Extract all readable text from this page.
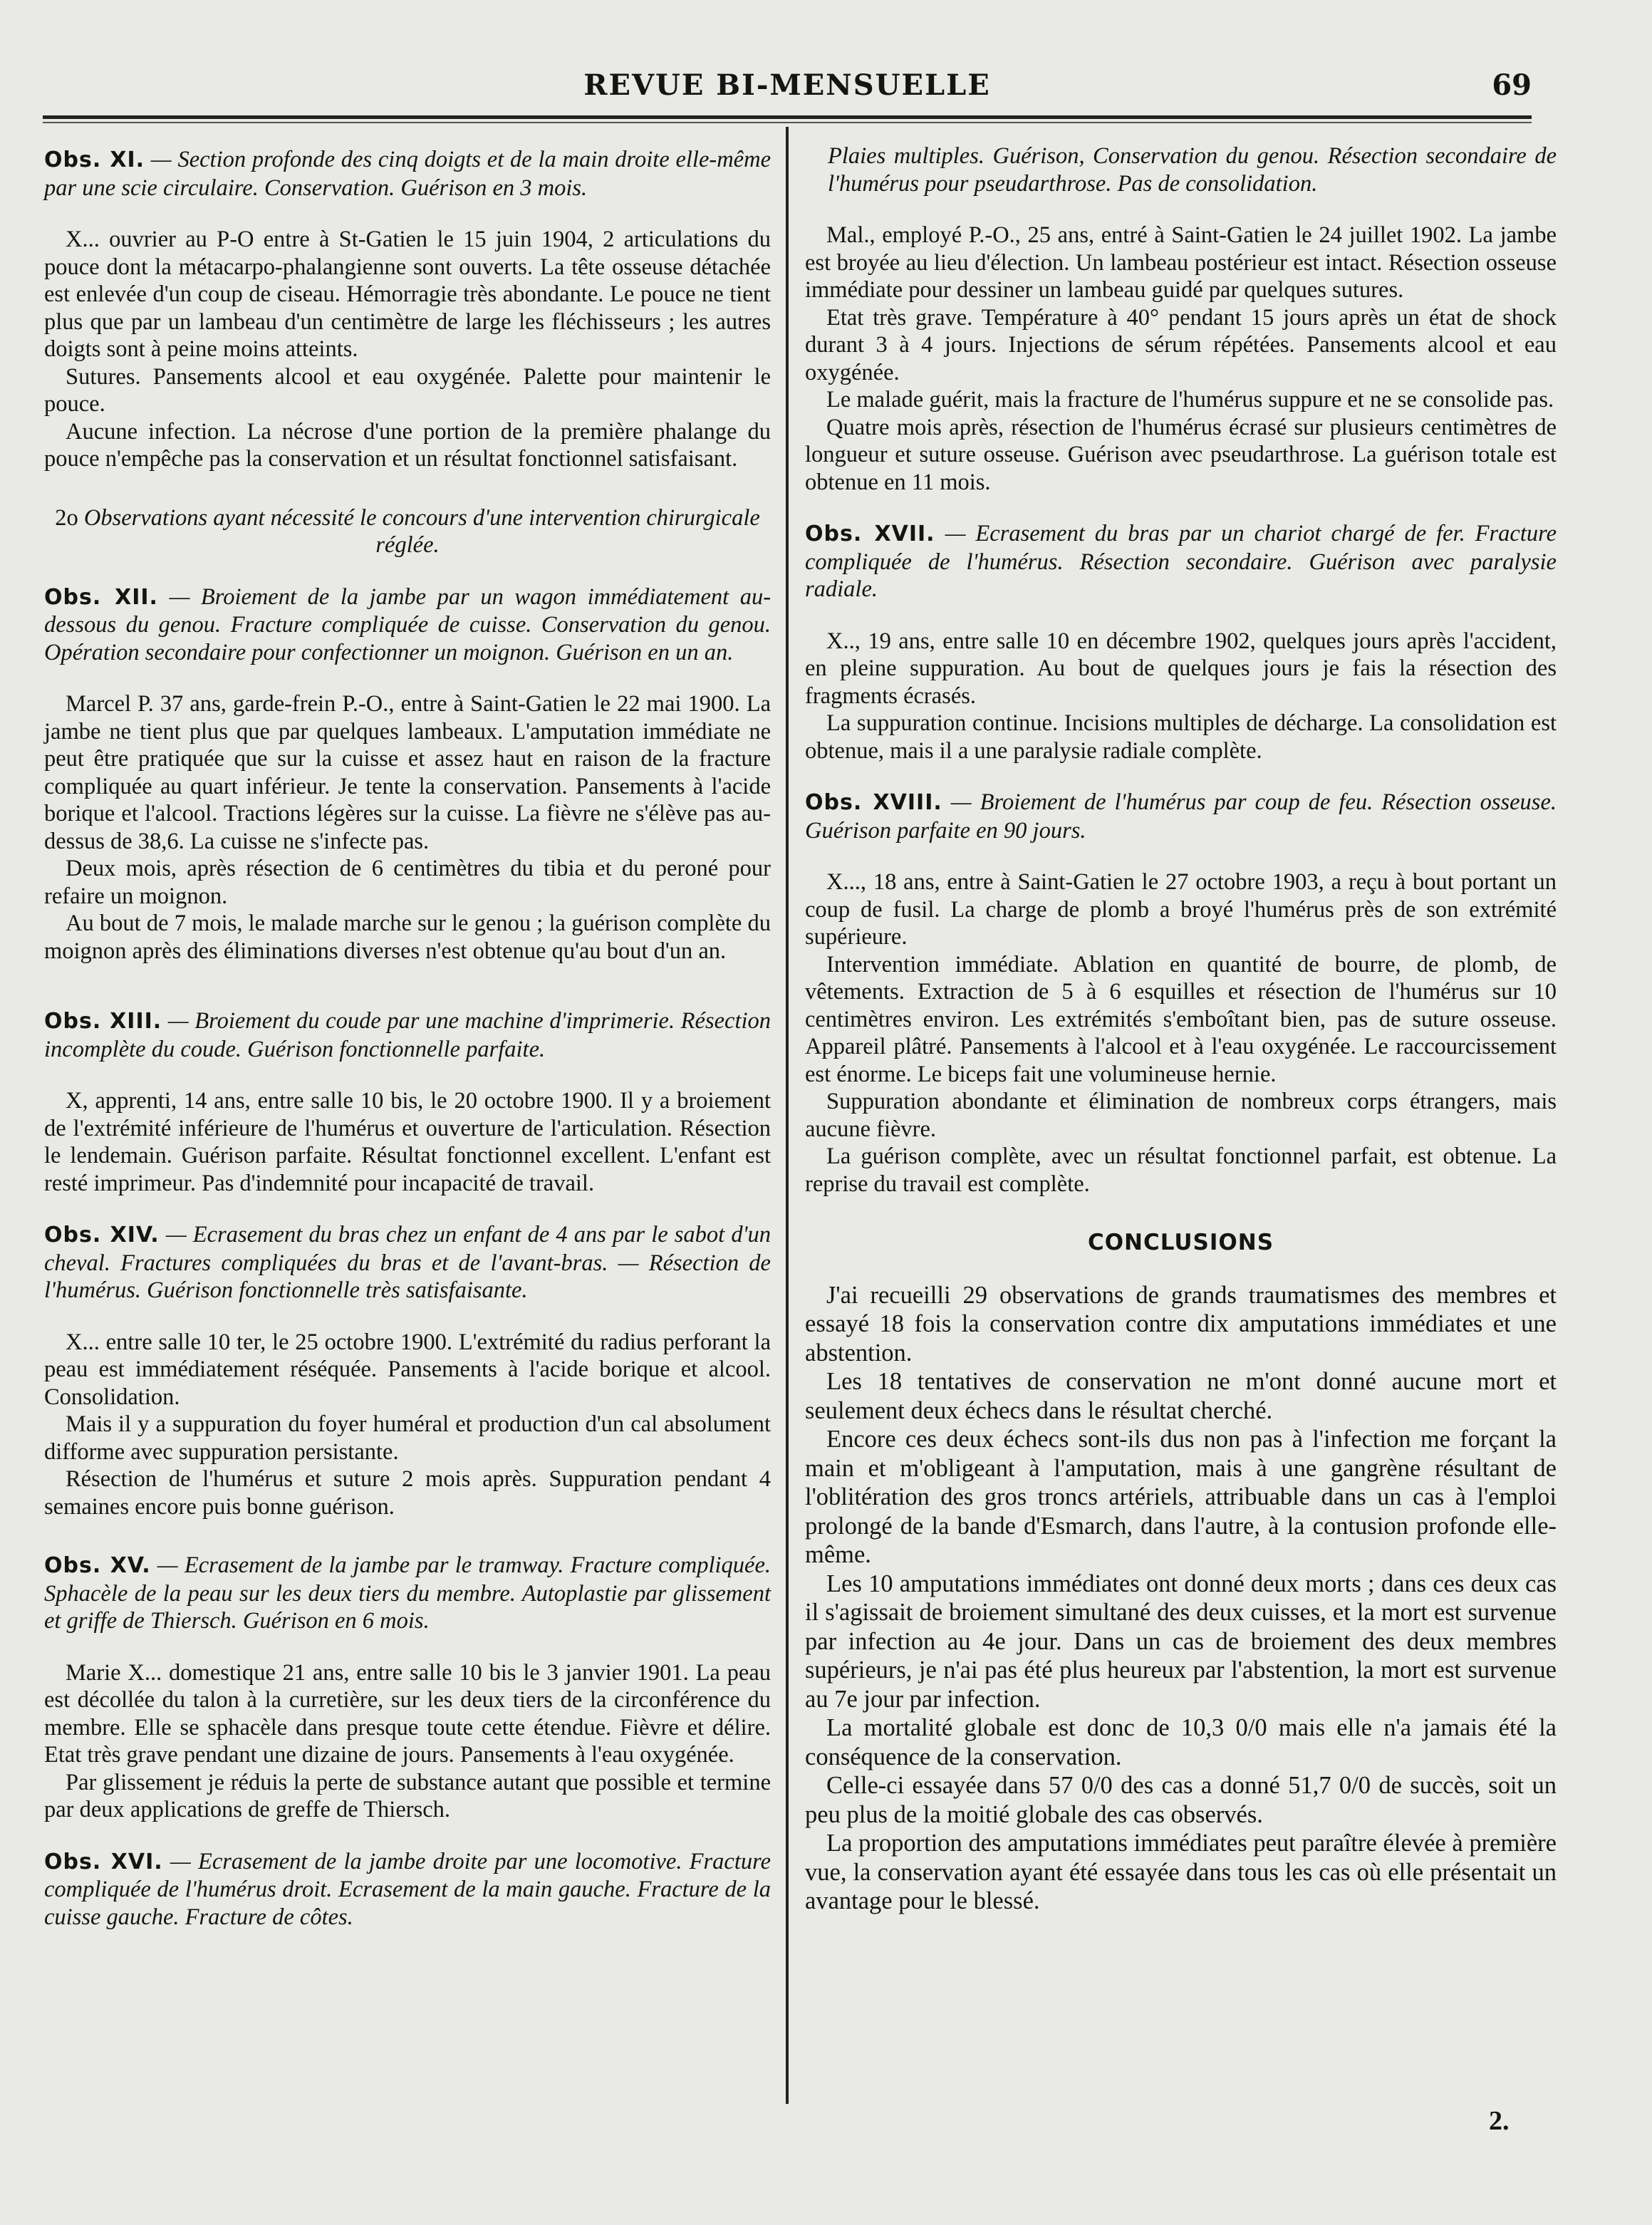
REVUE BI-MENSUELLE	69

Obs. XI. — Section profonde des cinq doigts et de la main droite elle-même par une scie circulaire. Conservation. Guérison en 3 mois.

X... ouvrier au P-O entre à St-Gatien le 15 juin 1904, 2 articulations du pouce dont la métacarpo-phalangienne sont ouverts. La tête osseuse détachée est enlevée d'un coup de ciseau. Hémorragie très abondante. Le pouce ne tient plus que par un lambeau d'un centimètre de large les fléchisseurs ; les autres doigts sont à peine moins atteints.

Sutures. Pansements alcool et eau oxygénée. Palette pour maintenir le pouce.

Aucune infection. La nécrose d'une portion de la première phalange du pouce n'empêche pas la conservation et un résultat fonctionnel satisfaisant.

2o Observations ayant nécessité le concours d'une intervention chirurgicale réglée.

Obs. XII. — Broiement de la jambe par un wagon immédiatement au-dessous du genou. Fracture compliquée de cuisse. Conservation du genou. Opération secondaire pour confectionner un moignon. Guérison en un an.

Marcel P. 37 ans, garde-frein P.-O., entre à Saint-Gatien le 22 mai 1900. La jambe ne tient plus que par quelques lambeaux. L'amputation immédiate ne peut être pratiquée que sur la cuisse et assez haut en raison de la fracture compliquée au quart inférieur. Je tente la conservation. Pansements à l'acide borique et l'alcool. Tractions légères sur la cuisse. La fièvre ne s'élève pas au-dessus de 38,6. La cuisse ne s'infecte pas.

Deux mois, après résection de 6 centimètres du tibia et du peroné pour refaire un moignon.

Au bout de 7 mois, le malade marche sur le genou ; la guérison complète du moignon après des éliminations diverses n'est obtenue qu'au bout d'un an.

Obs. XIII. — Broiement du coude par une machine d'imprimerie. Résection incomplète du coude. Guérison fonctionnelle parfaite.

X, apprenti, 14 ans, entre salle 10 bis, le 20 octobre 1900. Il y a broiement de l'extrémité inférieure de l'humérus et ouverture de l'articulation. Résection le lendemain. Guérison parfaite. Résultat fonctionnel excellent. L'enfant est resté imprimeur. Pas d'indemnité pour incapacité de travail.

Obs. XIV. — Ecrasement du bras chez un enfant de 4 ans par le sabot d'un cheval. Fractures compliquées du bras et de l'avant-bras. — Résection de l'humérus. Guérison fonctionnelle très satisfaisante.

X... entre salle 10 ter, le 25 octobre 1900. L'extrémité du radius perforant la peau est immédiatement réséquée. Pansements à l'acide borique et alcool. Consolidation.

Mais il y a suppuration du foyer huméral et production d'un cal absolument difforme avec suppuration persistante.

Résection de l'humérus et suture 2 mois après. Suppuration pendant 4 semaines encore puis bonne guérison.

Obs. XV. — Ecrasement de la jambe par le tramway. Fracture compliquée. Sphacèle de la peau sur les deux tiers du membre. Autoplastie par glissement et griffe de Thiersch. Guérison en 6 mois.

Marie X... domestique 21 ans, entre salle 10 bis le 3 janvier 1901. La peau est décollée du talon à la curretière, sur les deux tiers de la circonférence du membre. Elle se sphacèle dans presque toute cette étendue. Fièvre et délire. Etat très grave pendant une dizaine de jours. Pansements à l'eau oxygénée.

Par glissement je réduis la perte de substance autant que possible et termine par deux applications de greffe de Thiersch.

Obs. XVI. — Ecrasement de la jambe droite par une locomotive. Fracture compliquée de l'humérus droit. Ecrasement de la main gauche. Fracture de la cuisse gauche. Fracture de côtes.

Plaies multiples. Guérison, Conservation du genou. Résection secondaire de l'humérus pour pseudarthrose. Pas de consolidation.

Mal., employé P.-O., 25 ans, entré à Saint-Gatien le 24 juillet 1902. La jambe est broyée au lieu d'élection. Un lambeau postérieur est intact. Résection osseuse immédiate pour dessiner un lambeau guidé par quelques sutures.

Etat très grave. Température à 40° pendant 15 jours après un état de shock durant 3 à 4 jours. Injections de sérum répétées. Pansements alcool et eau oxygénée.

Le malade guérit, mais la fracture de l'humérus suppure et ne se consolide pas.

Quatre mois après, résection de l'humérus écrasé sur plusieurs centimètres de longueur et suture osseuse. Guérison avec pseudarthrose. La guérison totale est obtenue en 11 mois.

Obs. XVII. — Ecrasement du bras par un chariot chargé de fer. Fracture compliquée de l'humérus. Résection secondaire. Guérison avec paralysie radiale.

X.., 19 ans, entre salle 10 en décembre 1902, quelques jours après l'accident, en pleine suppuration. Au bout de quelques jours je fais la résection des fragments écrasés.

La suppuration continue. Incisions multiples de décharge. La consolidation est obtenue, mais il a une paralysie radiale complète.

Obs. XVIII. — Broiement de l'humérus par coup de feu. Résection osseuse. Guérison parfaite en 90 jours.

X..., 18 ans, entre à Saint-Gatien le 27 octobre 1903, a reçu à bout portant un coup de fusil. La charge de plomb a broyé l'humérus près de son extrémité supérieure.

Intervention immédiate. Ablation en quantité de bourre, de plomb, de vêtements. Extraction de 5 à 6 esquilles et résection de l'humérus sur 10 centimètres environ. Les extrémités s'emboîtant bien, pas de suture osseuse. Appareil plâtré. Pansements à l'alcool et à l'eau oxygénée. Le raccourcissement est énorme. Le biceps fait une volumineuse hernie.

Suppuration abondante et élimination de nombreux corps étrangers, mais aucune fièvre.

La guérison complète, avec un résultat fonctionnel parfait, est obtenue. La reprise du travail est complète.

CONCLUSIONS

J'ai recueilli 29 observations de grands traumatismes des membres et essayé 18 fois la conservation contre dix amputations immédiates et une abstention.

Les 18 tentatives de conservation ne m'ont donné aucune mort et seulement deux échecs dans le résultat cherché.

Encore ces deux échecs sont-ils dus non pas à l'infection me forçant la main et m'obligeant à l'amputation, mais à une gangrène résultant de l'oblitération des gros troncs artériels, attribuable dans un cas à l'emploi prolongé de la bande d'Esmarch, dans l'autre, à la contusion profonde elle-même.

Les 10 amputations immédiates ont donné deux morts ; dans ces deux cas il s'agissait de broiement simultané des deux cuisses, et la mort est survenue par infection au 4e jour. Dans un cas de broiement des deux membres supérieurs, je n'ai pas été plus heureux par l'abstention, la mort est survenue au 7e jour par infection.

La mortalité globale est donc de 10,3 0/0 mais elle n'a jamais été la conséquence de la conservation.

Celle-ci essayée dans 57 0/0 des cas a donné 51,7 0/0 de succès, soit un peu plus de la moitié globale des cas observés.

La proportion des amputations immédiates peut paraître élevée à première vue, la conservation ayant été essayée dans tous les cas où elle présentait un avantage pour le blessé.

2.
